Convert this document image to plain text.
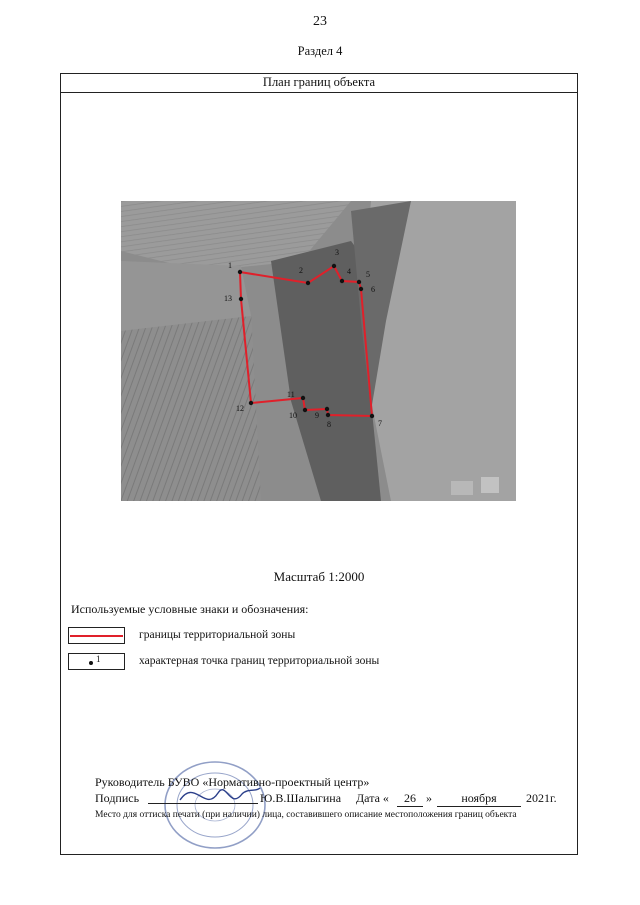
23
Раздел 4
План границ объекта
1
2
3
4 5
6
7
8
9
10
11
12
13
Масштаб 1:2000
Используемые условные знаки и обозначения:
границы территориальной зоны
1	характерная точка границ территориальной зоны
Руководитель БУВО «Нормативно-проектный центр»
Подпись	Ю.В.Шалыгина Дата «	26 »	ноября	2021г.
Место для оттиска печати (при наличии) лица, составившего описание местоположения границ объекта
